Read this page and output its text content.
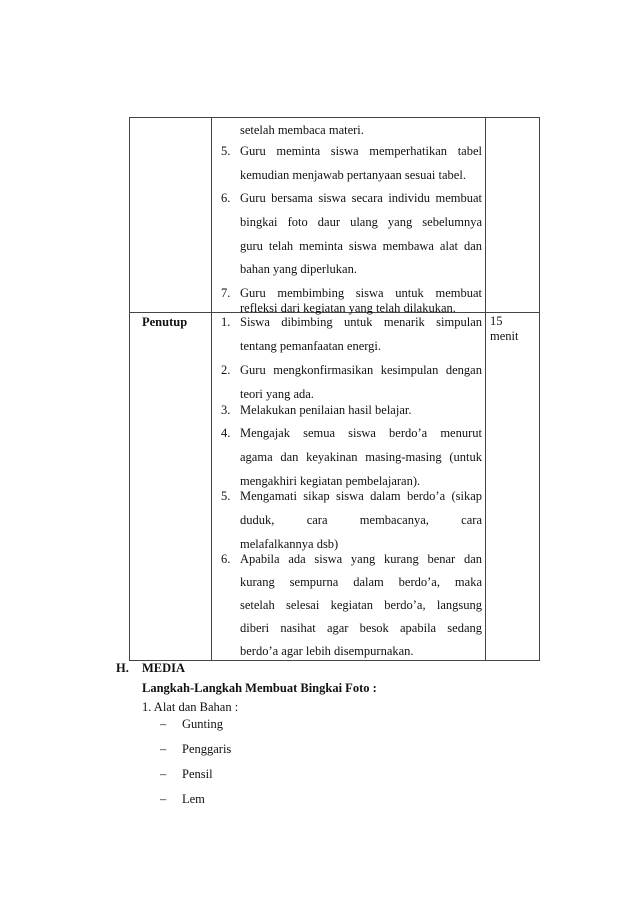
setelah membaca materi.
5. Guru meminta siswa memperhatikan tabel
kemudian menjawab pertanyaan sesuai tabel.
6. Guru bersama siswa secara individu membuat
bingkai foto daur ulang yang sebelumnya
guru telah meminta siswa membawa alat dan
bahan yang diperlukan.
7. Guru membimbing siswa untuk membuat
refleksi dari kegiatan yang telah dilakukan.
Penutup	15
menit
1. Siswa dibimbing untuk menarik simpulan
tentang pemanfaatan energi.
2. Guru mengkonfirmasikan kesimpulan dengan
teori yang ada.
3. Melakukan penilaian hasil belajar.
4. Mengajak semua siswa berdo’a menurut
agama dan keyakinan masing-masing (untuk
mengakhiri kegiatan pembelajaran).
5. Mengamati sikap siswa dalam berdo’a (sikap
duduk, cara membacanya, cara
melafalkannya dsb)
6. Apabila ada siswa yang kurang benar dan
kurang sempurna dalam berdo’a, maka
setelah selesai kegiatan berdo’a, langsung
diberi nasihat agar besok apabila sedang
berdo’a agar lebih disempurnakan.
H. MEDIA
Langkah-Langkah Membuat Bingkai Foto :
1. Alat dan Bahan :
– Gunting
– Penggaris
– Pensil
– Lem
